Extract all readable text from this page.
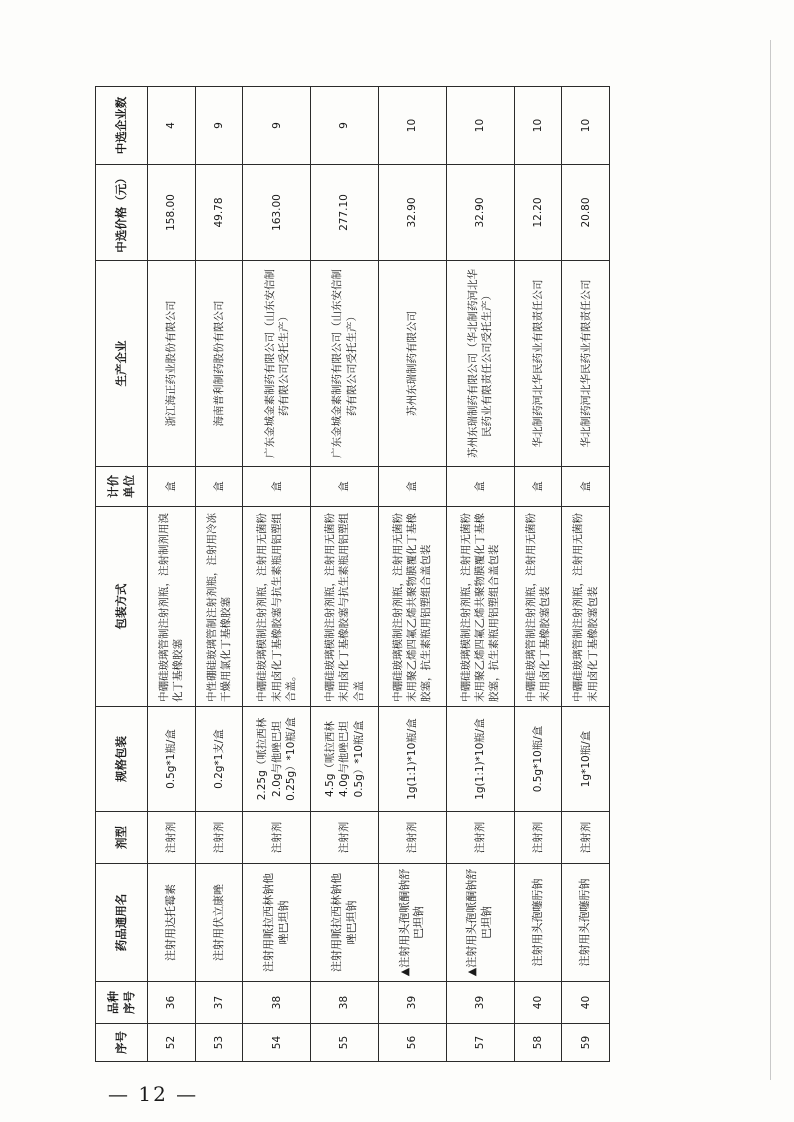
序号	品种序号	药品通用名	剂型	规格包装	包装方式	计价单位	生产企业	中选价格（元）	中选企业数
52	36	注射用达托霉素	注射剂	0.5g*1瓶/盒	中硼硅玻璃管制注射剂瓶，注射制剂用溴化丁基橡胶塞	盒	浙江海正药业股份有限公司	158.00	4
53	37	注射用伏立康唑	注射剂	0.2g*1支/盒	中性硼硅玻璃管制注射剂瓶，注射用冷冻干燥用氯化丁基橡胶塞	盒	海南普利制药股份有限公司	49.78	9
54	38	注射用哌拉西林钠他唑巴坦钠	注射剂	2.25g（哌拉西林2.0g与他唑巴坦0.25g）*10瓶/盒	中硼硅玻璃模制注射剂瓶，注射用无菌粉末用卤化丁基橡胶塞与抗生素瓶用铝塑组合盖。	盒	广东金城金素制药有限公司（山东安信制药有限公司受托生产）	163.00	9
55	38	注射用哌拉西林钠他唑巴坦钠	注射剂	4.5g（哌拉西林4.0g与他唑巴坦0.5g）*10瓶/盒	中硼硅玻璃模制注射剂瓶，注射用无菌粉末用卤化丁基橡胶塞与抗生素瓶用铝塑组合盖	盒	广东金城金素制药有限公司（山东安信制药有限公司受托生产）	277.10	9
56	39	▲注射用头孢哌酮钠舒巴坦钠	注射剂	1g(1:1)*10瓶/盒	中硼硅玻璃模制注射剂瓶，注射用无菌粉末用聚乙烯四氟乙烯共聚物膜覆化丁基橡胶塞，抗生素瓶用铝塑组合盖包装	盒	苏州东瑞制药有限公司	32.90	10
57	39	▲注射用头孢哌酮钠舒巴坦钠	注射剂	1g(1:1)*10瓶/盒	中硼硅玻璃模制注射剂瓶，注射用无菌粉末用聚乙烯四氟乙烯共聚物膜覆化丁基橡胶塞，抗生素瓶用铝塑组合盖包装	盒	苏州东瑞制药有限公司（华北制药河北华民药业有限责任公司受托生产）	32.90	10
58	40	注射用头孢噻肟钠	注射剂	0.5g*10瓶/盒	中硼硅玻璃管制注射剂瓶，注射用无菌粉末用卤化丁基橡胶塞包装	盒	华北制药河北华民药业有限责任公司	12.20	10
59	40	注射用头孢噻肟钠	注射剂	1g*10瓶/盒	中硼硅玻璃管制注射剂瓶，注射用无菌粉末用卤化丁基橡胶塞包装	盒	华北制药河北华民药业有限责任公司	20.80	10
— 12 —
